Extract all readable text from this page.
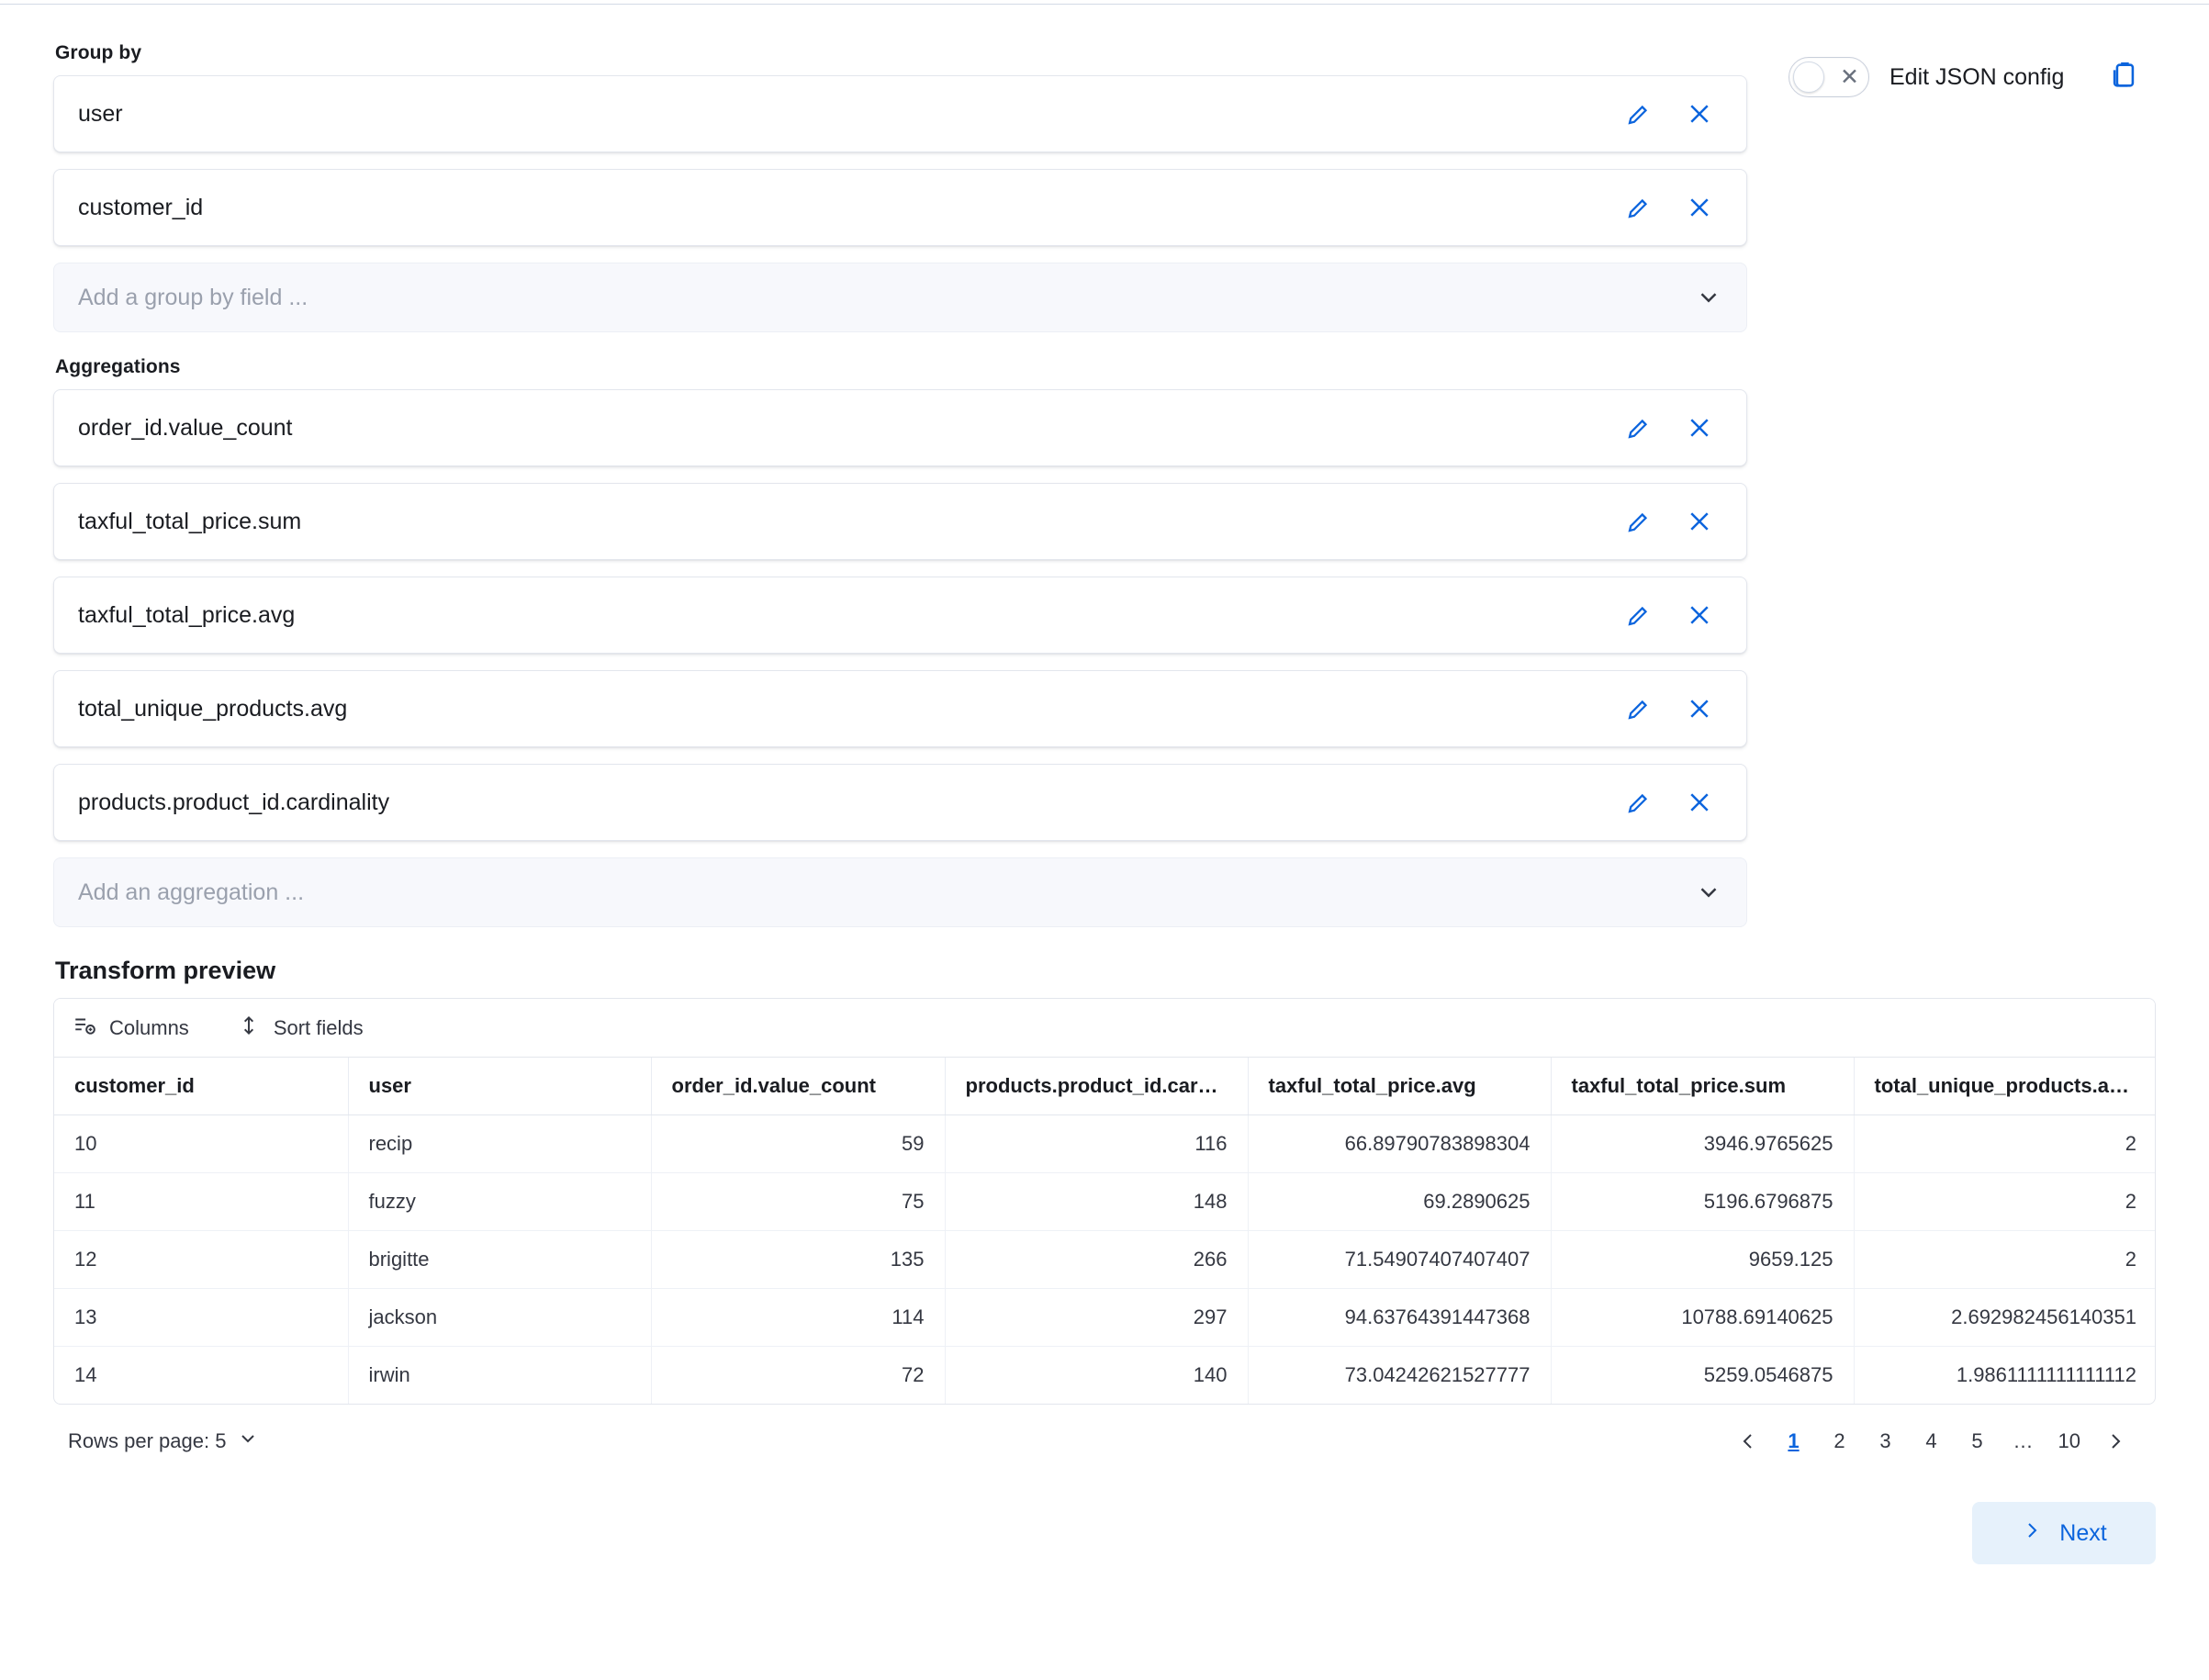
✕ Edit JSON config
Group by
user
customer_id
Add a group by field ...
Aggregations
order_id.value_count
taxful_total_price.sum
taxful_total_price.avg
total_unique_products.avg
products.product_id.cardinality
Add an aggregation ...
Transform preview
Columns	Sort fields
customer_id	user	order_id.value_count	products.product_id.car…	taxful_total_price.avg	taxful_total_price.sum	total_unique_products.a…
10	recip	59	116	66.89790783898304	3946.9765625	2
11	fuzzy	75	148	69.2890625	5196.6796875	2
12	brigitte	135	266	71.54907407407407	9659.125	2
13	jackson	114	297	94.63764391447368	10788.69140625	2.692982456140351
14	irwin	72	140	73.04242621527777	5259.0546875	1.9861111111111112
Rows per page: 5	1	2	3	4	5	…	10
Next
